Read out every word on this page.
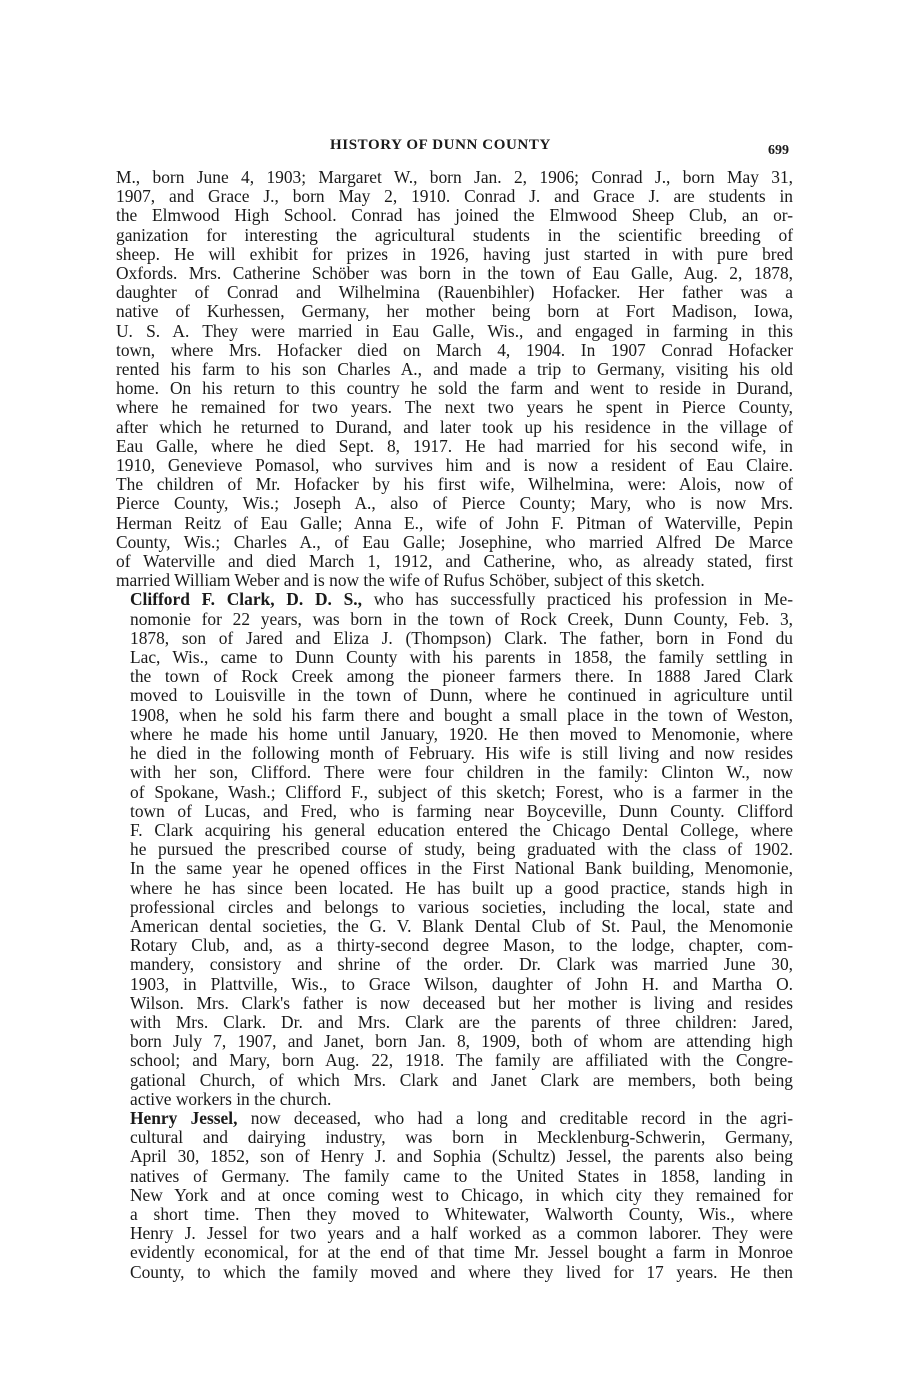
HISTORY OF DUNN COUNTY	699

M., born June 4, 1903; Margaret W., born Jan. 2, 1906; Conrad J., born May 31,
1907, and Grace J., born May 2, 1910. Conrad J. and Grace J. are students in
the Elmwood High School. Conrad has joined the Elmwood Sheep Club, an or-
ganization for interesting the agricultural students in the scientific breeding of
sheep. He will exhibit for prizes in 1926, having just started in with pure bred
Oxfords. Mrs. Catherine Schöber was born in the town of Eau Galle, Aug. 2, 1878,
daughter of Conrad and Wilhelmina (Rauenbihler) Hofacker. Her father was a
native of Kurhessen, Germany, her mother being born at Fort Madison, Iowa,
U. S. A. They were married in Eau Galle, Wis., and engaged in farming in this
town, where Mrs. Hofacker died on March 4, 1904. In 1907 Conrad Hofacker
rented his farm to his son Charles A., and made a trip to Germany, visiting his old
home. On his return to this country he sold the farm and went to reside in Durand,
where he remained for two years. The next two years he spent in Pierce County,
after which he returned to Durand, and later took up his residence in the village of
Eau Galle, where he died Sept. 8, 1917. He had married for his second wife, in
1910, Genevieve Pomasol, who survives him and is now a resident of Eau Claire.
The children of Mr. Hofacker by his first wife, Wilhelmina, were: Alois, now of
Pierce County, Wis.; Joseph A., also of Pierce County; Mary, who is now Mrs.
Herman Reitz of Eau Galle; Anna E., wife of John F. Pitman of Waterville, Pepin
County, Wis.; Charles A., of Eau Galle; Josephine, who married Alfred De Marce
of Waterville and died March 1, 1912, and Catherine, who, as already stated, first
married William Weber and is now the wife of Rufus Schöber, subject of this sketch.

Clifford F. Clark, D. D. S., who has successfully practiced his profession in Me-
nomonie for 22 years, was born in the town of Rock Creek, Dunn County, Feb. 3,
1878, son of Jared and Eliza J. (Thompson) Clark. The father, born in Fond du
Lac, Wis., came to Dunn County with his parents in 1858, the family settling in
the town of Rock Creek among the pioneer farmers there. In 1888 Jared Clark
moved to Louisville in the town of Dunn, where he continued in agriculture until
1908, when he sold his farm there and bought a small place in the town of Weston,
where he made his home until January, 1920. He then moved to Menomonie, where
he died in the following month of February. His wife is still living and now resides
with her son, Clifford. There were four children in the family: Clinton W., now
of Spokane, Wash.; Clifford F., subject of this sketch; Forest, who is a farmer in the
town of Lucas, and Fred, who is farming near Boyceville, Dunn County. Clifford
F. Clark acquiring his general education entered the Chicago Dental College, where
he pursued the prescribed course of study, being graduated with the class of 1902.
In the same year he opened offices in the First National Bank building, Menomonie,
where he has since been located. He has built up a good practice, stands high in
professional circles and belongs to various societies, including the local, state and
American dental societies, the G. V. Blank Dental Club of St. Paul, the Menomonie
Rotary Club, and, as a thirty-second degree Mason, to the lodge, chapter, com-
mandery, consistory and shrine of the order. Dr. Clark was married June 30,
1903, in Plattville, Wis., to Grace Wilson, daughter of John H. and Martha O.
Wilson. Mrs. Clark's father is now deceased but her mother is living and resides
with Mrs. Clark. Dr. and Mrs. Clark are the parents of three children: Jared,
born July 7, 1907, and Janet, born Jan. 8, 1909, both of whom are attending high
school; and Mary, born Aug. 22, 1918. The family are affiliated with the Congre-
gational Church, of which Mrs. Clark and Janet Clark are members, both being
active workers in the church.

Henry Jessel, now deceased, who had a long and creditable record in the agri-
cultural and dairying industry, was born in Mecklenburg-Schwerin, Germany,
April 30, 1852, son of Henry J. and Sophia (Schultz) Jessel, the parents also being
natives of Germany. The family came to the United States in 1858, landing in
New York and at once coming west to Chicago, in which city they remained for
a short time. Then they moved to Whitewater, Walworth County, Wis., where
Henry J. Jessel for two years and a half worked as a common laborer. They were
evidently economical, for at the end of that time Mr. Jessel bought a farm in Monroe
County, to which the family moved and where they lived for 17 years. He then
